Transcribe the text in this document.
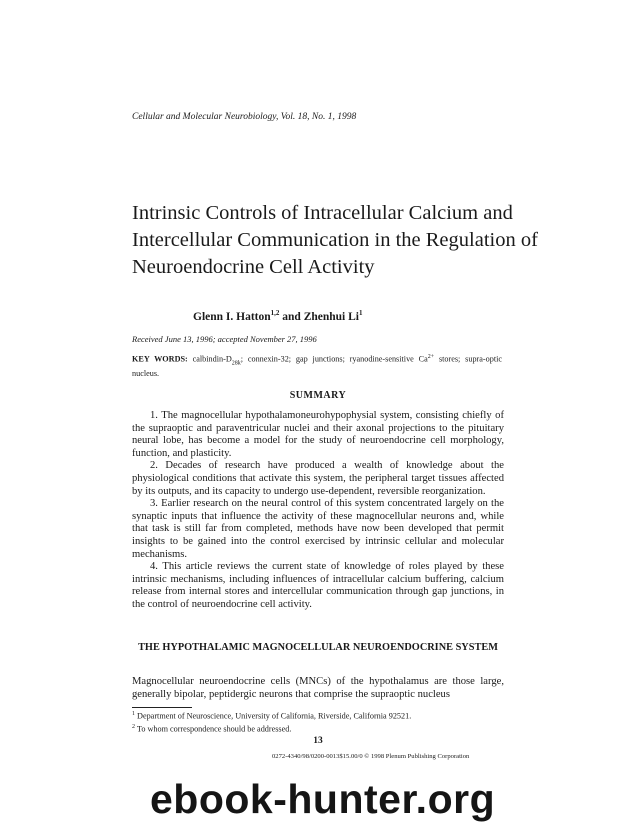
Cellular and Molecular Neurobiology, Vol. 18, No. 1, 1998
Intrinsic Controls of Intracellular Calcium and Intercellular Communication in the Regulation of Neuroendocrine Cell Activity
Glenn I. Hatton$^{1,2}$ and Zhenhui Li$^1$
Received June 13, 1996; accepted November 27, 1996
KEY WORDS: calbindin-$D_{28k}$; connexin-32; gap junctions; ryanodine-sensitive $Ca^{2+}$ stores; supra-optic nucleus.
SUMMARY

1. The magnocellular hypothalamoneurohypophysial system, consisting chiefly of the supraoptic and paraventricular nuclei and their axonal projections to the pituitary neural lobe, has become a model for the study of neuroendocrine cell morphology, function, and plasticity.

2. Decades of research have produced a wealth of knowledge about the physiological conditions that activate this system, the peripheral target tissues affected by its outputs, and its capacity to undergo use-dependent, reversible reorganization.

3. Earlier research on the neural control of this system concentrated largely on the synaptic inputs that influence the activity of these magnocellular neurons and, while that task is still far from completed, methods have now been developed that permit insights to be gained into the control exercised by intrinsic cellular and molecular mechanisms.

4. This article reviews the current state of knowledge of roles played by these intrinsic mechanisms, including influences of intracellular calcium buffering, calcium release from internal stores and intercellular communication through gap junctions, in the control of neuroendocrine cell activity.

THE HYPOTHALAMIC MAGNOCELLULAR NEUROENDOCRINE SYSTEM

Magnocellular neuroendocrine cells (MNCs) of the hypothalamus are those large, generally bipolar, peptidergic neurons that comprise the supraoptic nucleus

$^1$ Department of Neuroscience, University of California, Riverside, California 92521.
$^2$ To whom correspondence should be addressed.
13
0272-4340/98/0200-0013$15.00/0 © 1998 Plenum Publishing Corporation
ebook-hunter.org
